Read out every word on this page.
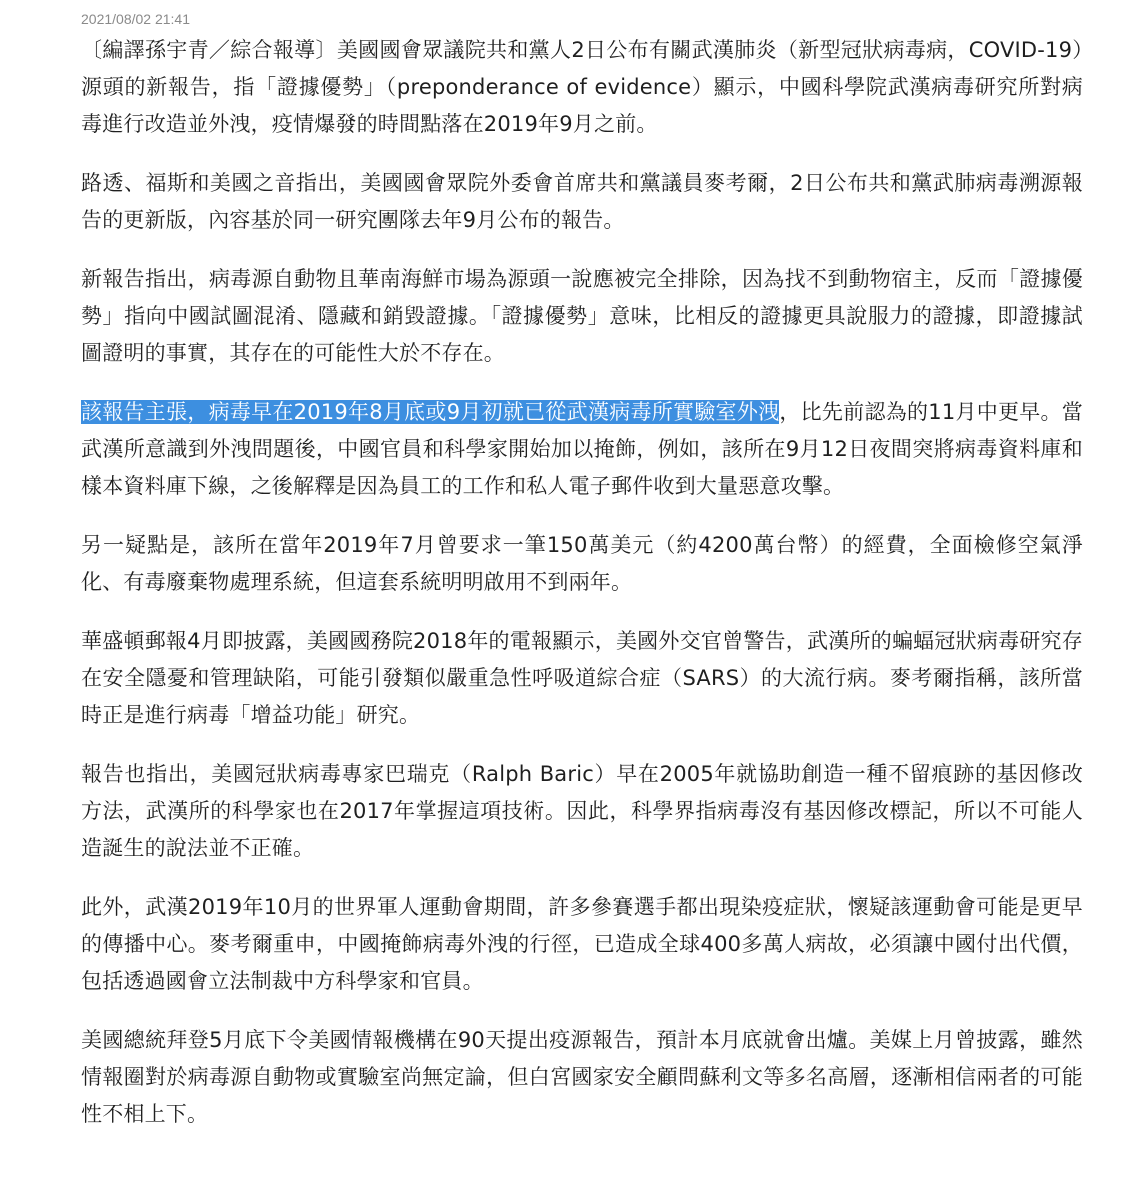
2021/08/02 21:41

〔編譯孫宇青／綜合報導〕美國國會眾議院共和黨人2日公布有關武漢肺炎（新型冠狀病毒病，COVID-19）源頭的新報告，指「證據優勢」（preponderance of evidence）顯示，中國科學院武漢病毒研究所對病毒進行改造並外洩，疫情爆發的時間點落在2019年9月之前。

路透、福斯和美國之音指出，美國國會眾院外委會首席共和黨議員麥考爾，2日公布共和黨武肺病毒溯源報告的更新版，內容基於同一研究團隊去年9月公布的報告。

新報告指出，病毒源自動物且華南海鮮市場為源頭一說應被完全排除，因為找不到動物宿主，反而「證據優勢」指向中國試圖混淆、隱藏和銷毀證據。「證據優勢」意味，比相反的證據更具說服力的證據，即證據試圖證明的事實，其存在的可能性大於不存在。

該報告主張，病毒早在2019年8月底或9月初就已從武漢病毒所實驗室外洩，比先前認為的11月中更早。當武漢所意識到外洩問題後，中國官員和科學家開始加以掩飾，例如，該所在9月12日夜間突將病毒資料庫和樣本資料庫下線，之後解釋是因為員工的工作和私人電子郵件收到大量惡意攻擊。

另一疑點是，該所在當年2019年7月曾要求一筆150萬美元（約4200萬台幣）的經費，全面檢修空氣淨化、有毒廢棄物處理系統，但這套系統明明啟用不到兩年。

華盛頓郵報4月即披露，美國國務院2018年的電報顯示，美國外交官曾警告，武漢所的蝙蝠冠狀病毒研究存在安全隱憂和管理缺陷，可能引發類似嚴重急性呼吸道綜合症（SARS）的大流行病。麥考爾指稱，該所當時正是進行病毒「增益功能」研究。

報告也指出，美國冠狀病毒專家巴瑞克（Ralph Baric）早在2005年就協助創造一種不留痕跡的基因修改方法，武漢所的科學家也在2017年掌握這項技術。因此，科學界指病毒沒有基因修改標記，所以不可能人造誕生的說法並不正確。

此外，武漢2019年10月的世界軍人運動會期間，許多參賽選手都出現染疫症狀，懷疑該運動會可能是更早的傳播中心。麥考爾重申，中國掩飾病毒外洩的行徑，已造成全球400多萬人病故，必須讓中國付出代價，包括透過國會立法制裁中方科學家和官員。

美國總統拜登5月底下令美國情報機構在90天提出疫源報告，預計本月底就會出爐。美媒上月曾披露，雖然情報圈對於病毒源自動物或實驗室尚無定論，但白宮國家安全顧問蘇利文等多名高層，逐漸相信兩者的可能性不相上下。
